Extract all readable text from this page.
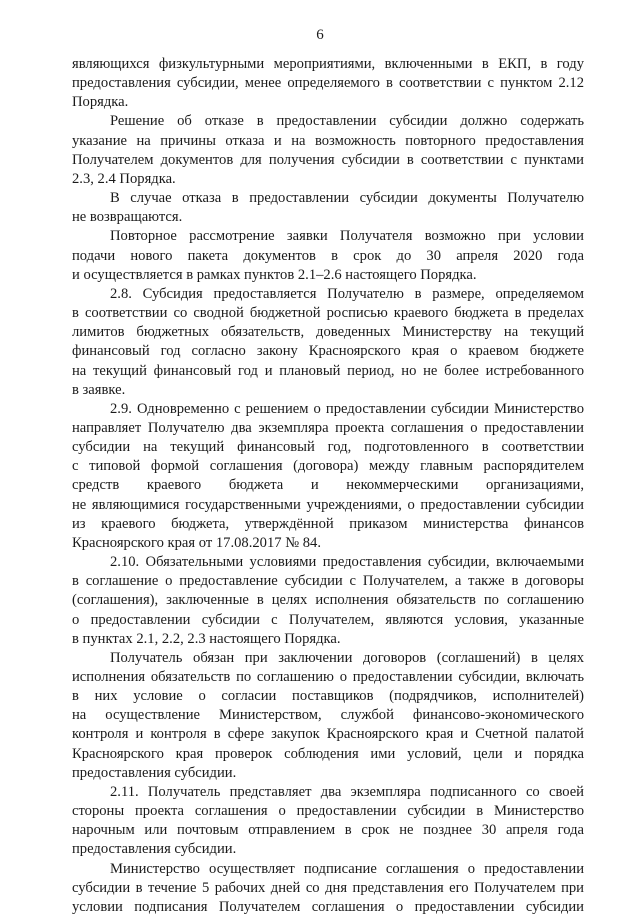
6

являющихся физкультурными мероприятиями, включенными в ЕКП, в году
предоставления субсидии, менее определяемого в соответствии с пунктом 2.12
Порядка.

Решение об отказе в предоставлении субсидии должно содержать
указание на причины отказа и на возможность повторного предоставления
Получателем документов для получения субсидии в соответствии с пунктами
2.3, 2.4 Порядка.

В случае отказа в предоставлении субсидии документы Получателю
не возвращаются.

Повторное рассмотрение заявки Получателя возможно при условии
подачи нового пакета документов в срок до 30 апреля 2020 года
и осуществляется в рамках пунктов 2.1–2.6 настоящего Порядка.

2.8. Субсидия предоставляется Получателю в размере, определяемом
в соответствии со сводной бюджетной росписью краевого бюджета в пределах
лимитов бюджетных обязательств, доведенных Министерству на текущий
финансовый год согласно закону Красноярского края о краевом бюджете
на текущий финансовый год и плановый период, но не более истребованного
в заявке.

2.9. Одновременно с решением о предоставлении субсидии Министерство
направляет Получателю два экземпляра проекта соглашения о предоставлении
субсидии на текущий финансовый год, подготовленного в соответствии
с типовой формой соглашения (договора) между главным распорядителем
средств краевого бюджета и некоммерческими организациями,
не являющимися государственными учреждениями, о предоставлении субсидии
из краевого бюджета, утверждённой приказом министерства финансов
Красноярского края от 17.08.2017 № 84.

2.10. Обязательными условиями предоставления субсидии, включаемыми
в соглашение о предоставление субсидии с Получателем, а также в договоры
(соглашения), заключенные в целях исполнения обязательств по соглашению
о предоставлении субсидии с Получателем, являются условия, указанные
в пунктах 2.1, 2.2, 2.3 настоящего Порядка.

Получатель обязан при заключении договоров (соглашений) в целях
исполнения обязательств по соглашению о предоставлении субсидии, включать
в них условие о согласии поставщиков (подрядчиков, исполнителей)
на осуществление Министерством, службой финансово-экономического
контроля и контроля в сфере закупок Красноярского края и Счетной палатой
Красноярского края проверок соблюдения ими условий, цели и порядка
предоставления субсидии.

2.11. Получатель представляет два экземпляра подписанного со своей
стороны проекта соглашения о предоставлении субсидии в Министерство
нарочным или почтовым отправлением в срок не позднее 30 апреля года
предоставления субсидии.

Министерство осуществляет подписание соглашения о предоставлении
субсидии в течение 5 рабочих дней со дня представления его Получателем при
условии подписания Получателем соглашения о предоставлении субсидии
